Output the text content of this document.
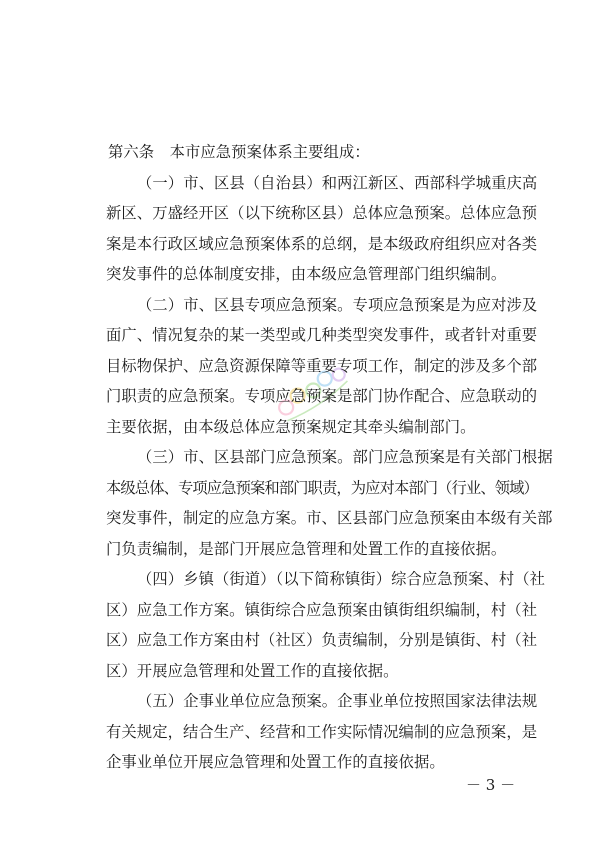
第六条　本市应急预案体系主要组成：
（一）市、区县（自治县）和两江新区、西部科学城重庆高
新区、万盛经开区（以下统称区县）总体应急预案。总体应急预
案是本行政区域应急预案体系的总纲，是本级政府组织应对各类
突发事件的总体制度安排，由本级应急管理部门组织编制。
（二）市、区县专项应急预案。专项应急预案是为应对涉及
面广、情况复杂的某一类型或几种类型突发事件，或者针对重要
目标物保护、应急资源保障等重要专项工作，制定的涉及多个部
门职责的应急预案。专项应急预案是部门协作配合、应急联动的
主要依据，由本级总体应急预案规定其牵头编制部门。
（三）市、区县部门应急预案。部门应急预案是有关部门根据
本级总体、专项应急预案和部门职责，为应对本部门（行业、领域）
突发事件，制定的应急方案。市、区县部门应急预案由本级有关部
门负责编制，是部门开展应急管理和处置工作的直接依据。
（四）乡镇（街道）（以下简称镇街）综合应急预案、村（社
区）应急工作方案。镇街综合应急预案由镇街组织编制，村（社
区）应急工作方案由村（社区）负责编制，分别是镇街、村（社
区）开展应急管理和处置工作的直接依据。
（五）企事业单位应急预案。企事业单位按照国家法律法规
有关规定，结合生产、经营和工作实际情况编制的应急预案，是
企事业单位开展应急管理和处置工作的直接依据。
－ 3 －
